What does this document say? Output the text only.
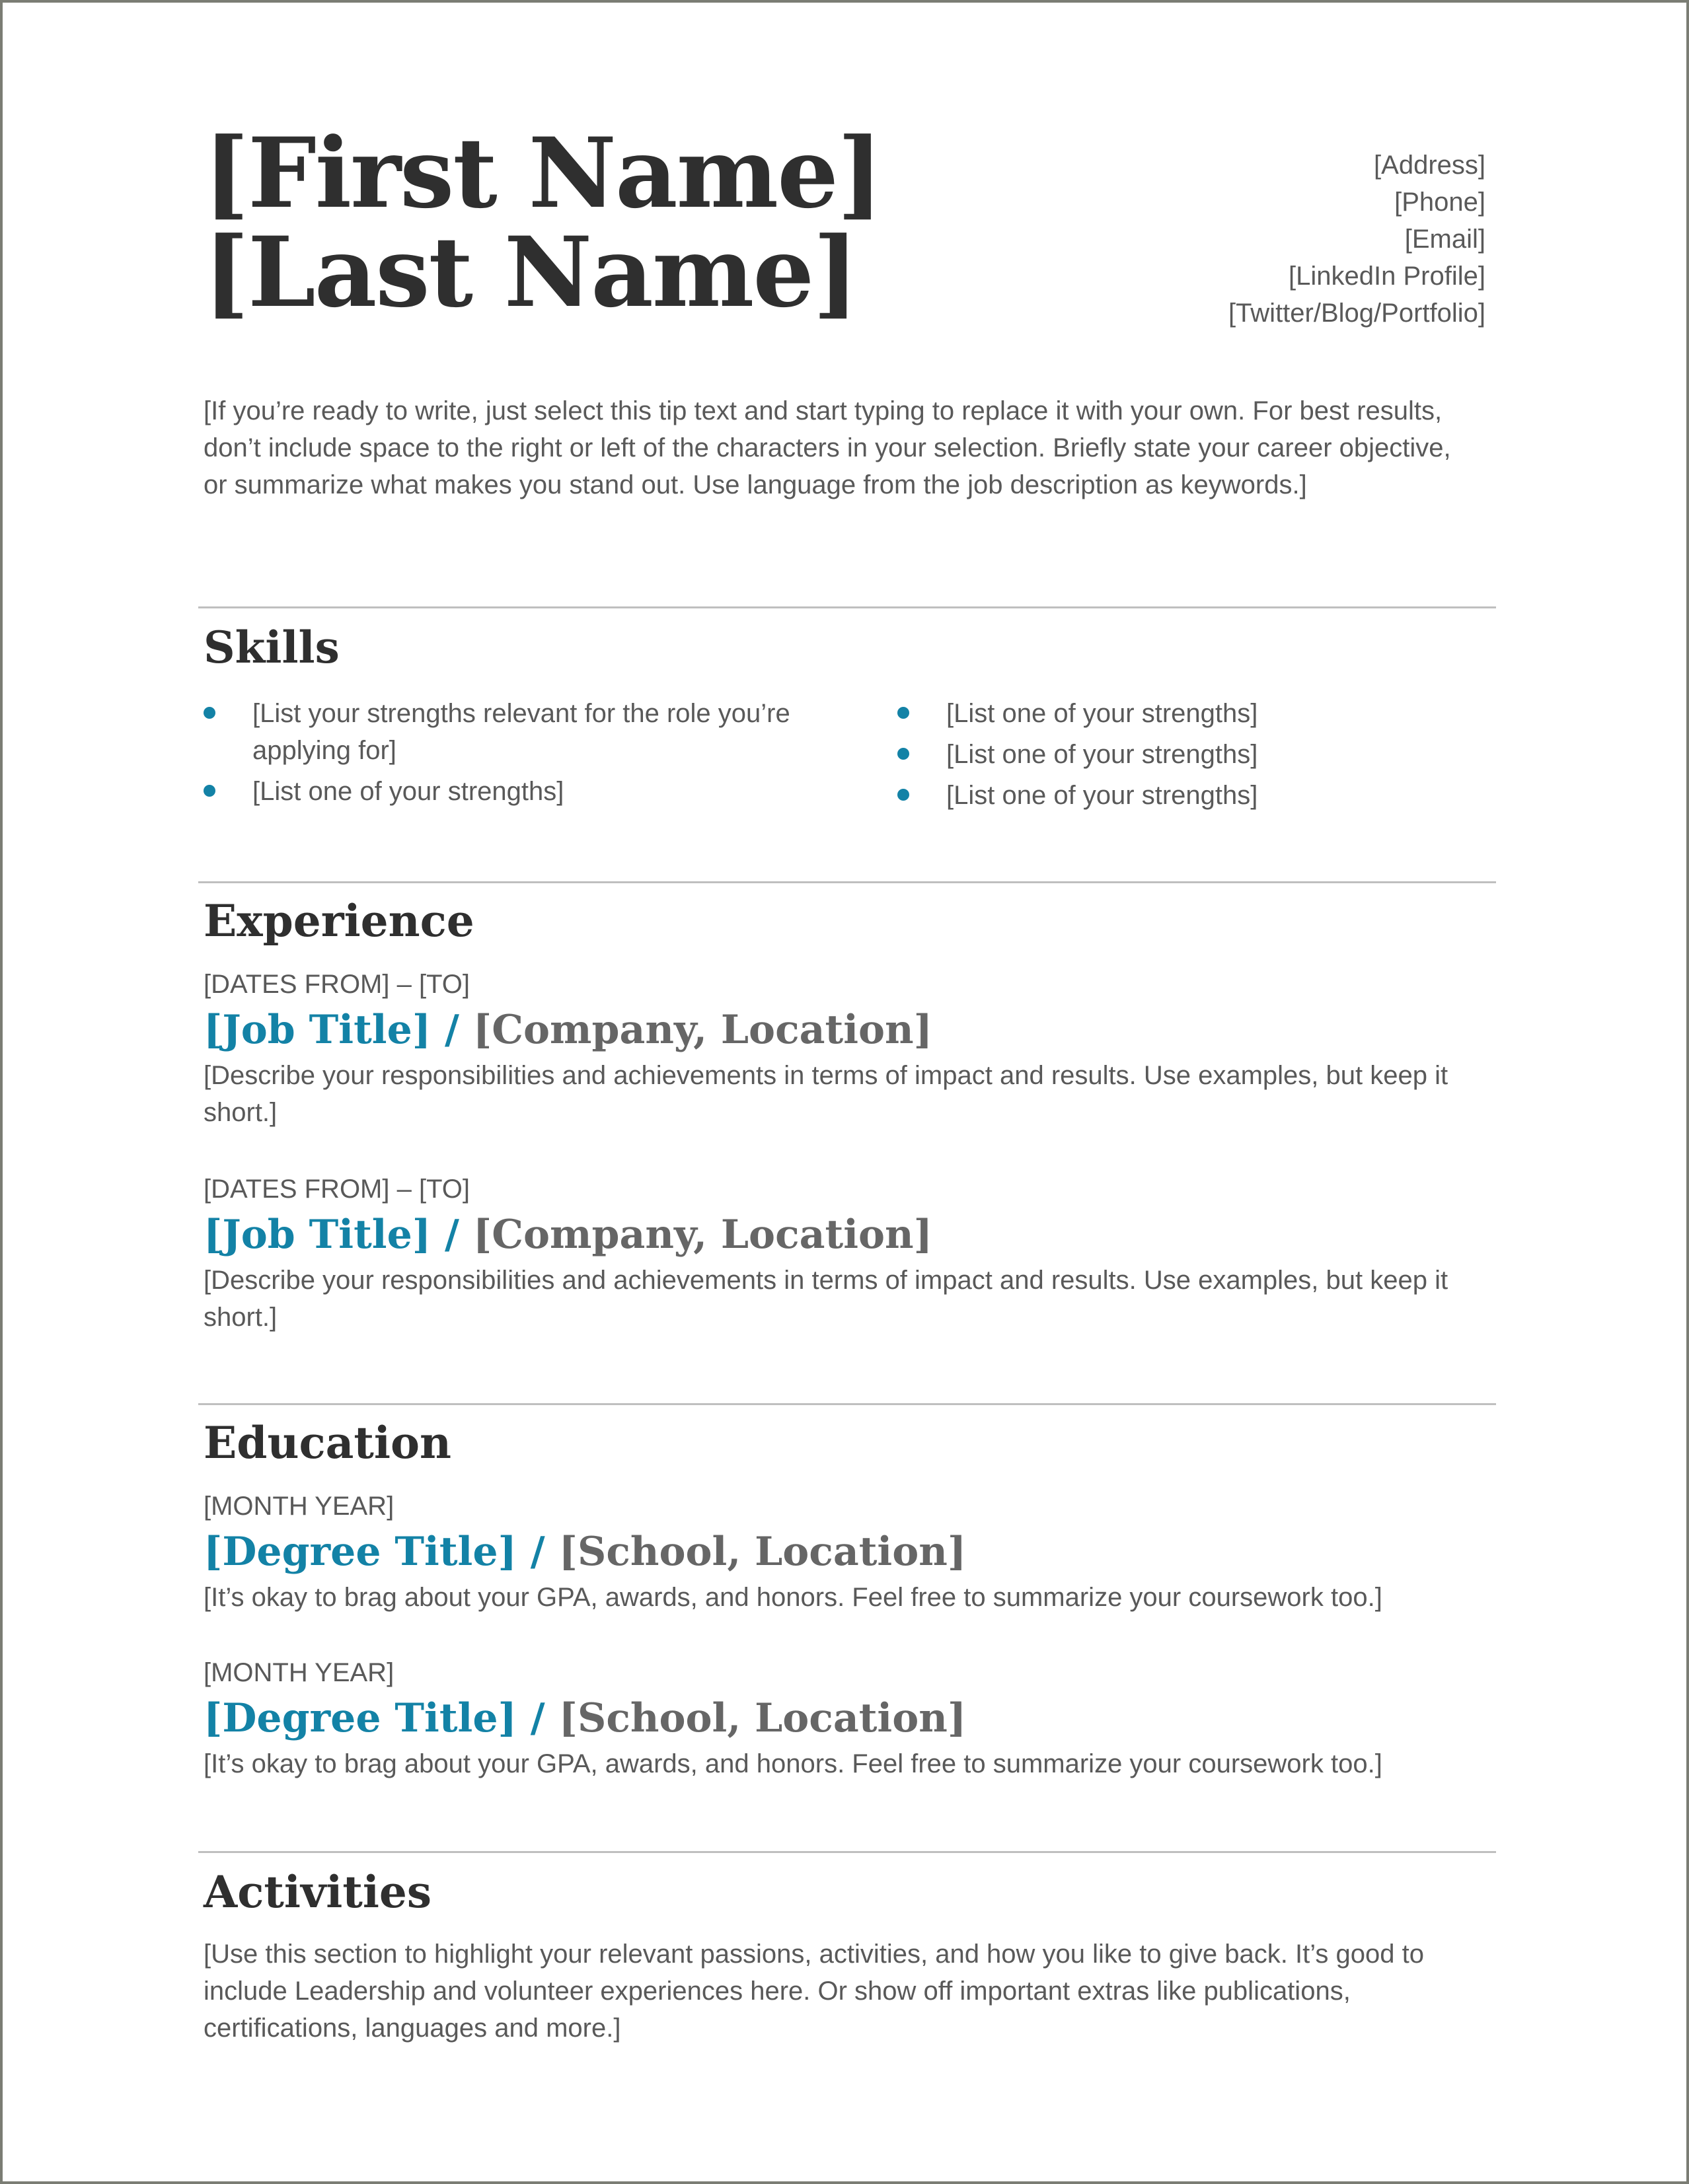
[First Name]
[Last Name]
[Address]
[Phone]
[Email]
[LinkedIn Profile]
[Twitter/Blog/Portfolio]
[If you’re ready to write, just select this tip text and start typing to replace it with your own. For best results, don’t include space to the right or left of the characters in your selection. Briefly state your career objective, or summarize what makes you stand out. Use language from the job description as keywords.]
Skills
[List your strengths relevant for the role you’re applying for]
[List one of your strengths]
[List one of your strengths]
[List one of your strengths]
[List one of your strengths]
Experience
[DATES FROM] – [TO]
[Job Title] / [Company, Location]
[Describe your responsibilities and achievements in terms of impact and results. Use examples, but keep it short.]
[DATES FROM] – [TO]
[Job Title] / [Company, Location]
[Describe your responsibilities and achievements in terms of impact and results. Use examples, but keep it short.]
Education
[MONTH YEAR]
[Degree Title] / [School, Location]
[It’s okay to brag about your GPA, awards, and honors. Feel free to summarize your coursework too.]
[MONTH YEAR]
[Degree Title] / [School, Location]
[It’s okay to brag about your GPA, awards, and honors. Feel free to summarize your coursework too.]
Activities
[Use this section to highlight your relevant passions, activities, and how you like to give back. It’s good to include Leadership and volunteer experiences here. Or show off important extras like publications, certifications, languages and more.]
